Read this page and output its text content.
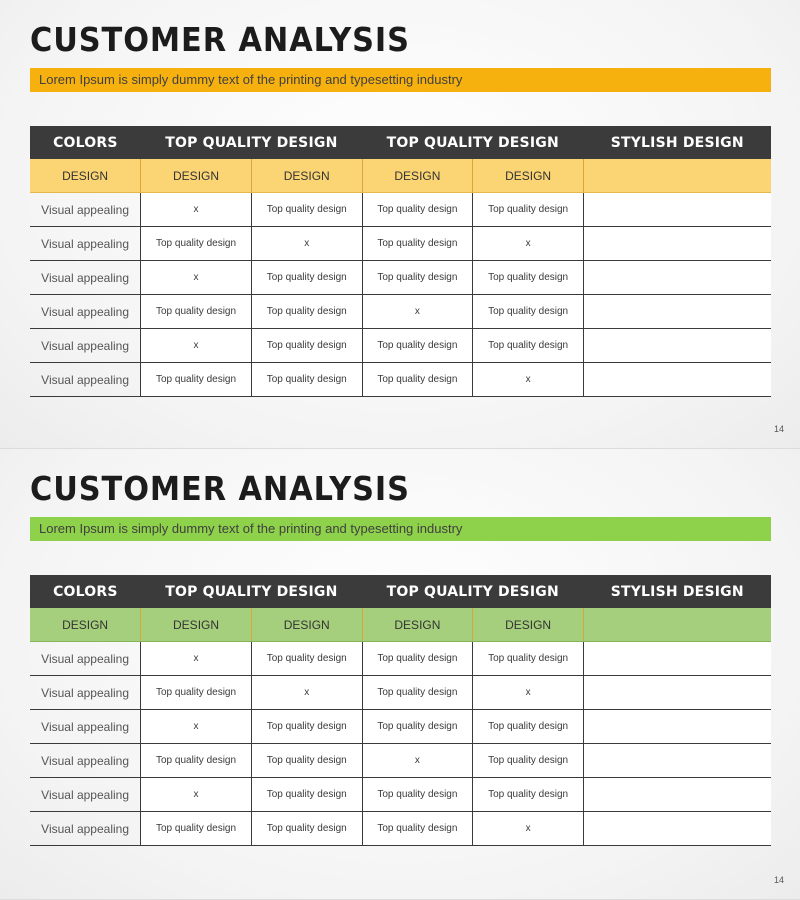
CUSTOMER ANALYSIS
Lorem Ipsum is simply dummy text of the printing and typesetting industry
COLORS	TOP QUALITY DESIGN		TOP QUALITY DESIGN		STYLISH DESIGN
DESIGN	DESIGN	DESIGN	DESIGN	DESIGN	
Visual appealing	x	Top quality design	Top quality design	Top quality design	
Visual appealing	Top quality design	x	Top quality design	x	
Visual appealing	x	Top quality design	Top quality design	Top quality design	
Visual appealing	Top quality design	Top quality design	x	Top quality design	
Visual appealing	x	Top quality design	Top quality design	Top quality design	
Visual appealing	Top quality design	Top quality design	Top quality design	x	
14
CUSTOMER ANALYSIS
Lorem Ipsum is simply dummy text of the printing and typesetting industry
COLORS	TOP QUALITY DESIGN		TOP QUALITY DESIGN		STYLISH DESIGN
DESIGN	DESIGN	DESIGN	DESIGN	DESIGN	
Visual appealing	x	Top quality design	Top quality design	Top quality design	
Visual appealing	Top quality design	x	Top quality design	x	
Visual appealing	x	Top quality design	Top quality design	Top quality design	
Visual appealing	Top quality design	Top quality design	x	Top quality design	
Visual appealing	x	Top quality design	Top quality design	Top quality design	
Visual appealing	Top quality design	Top quality design	Top quality design	x	
14
